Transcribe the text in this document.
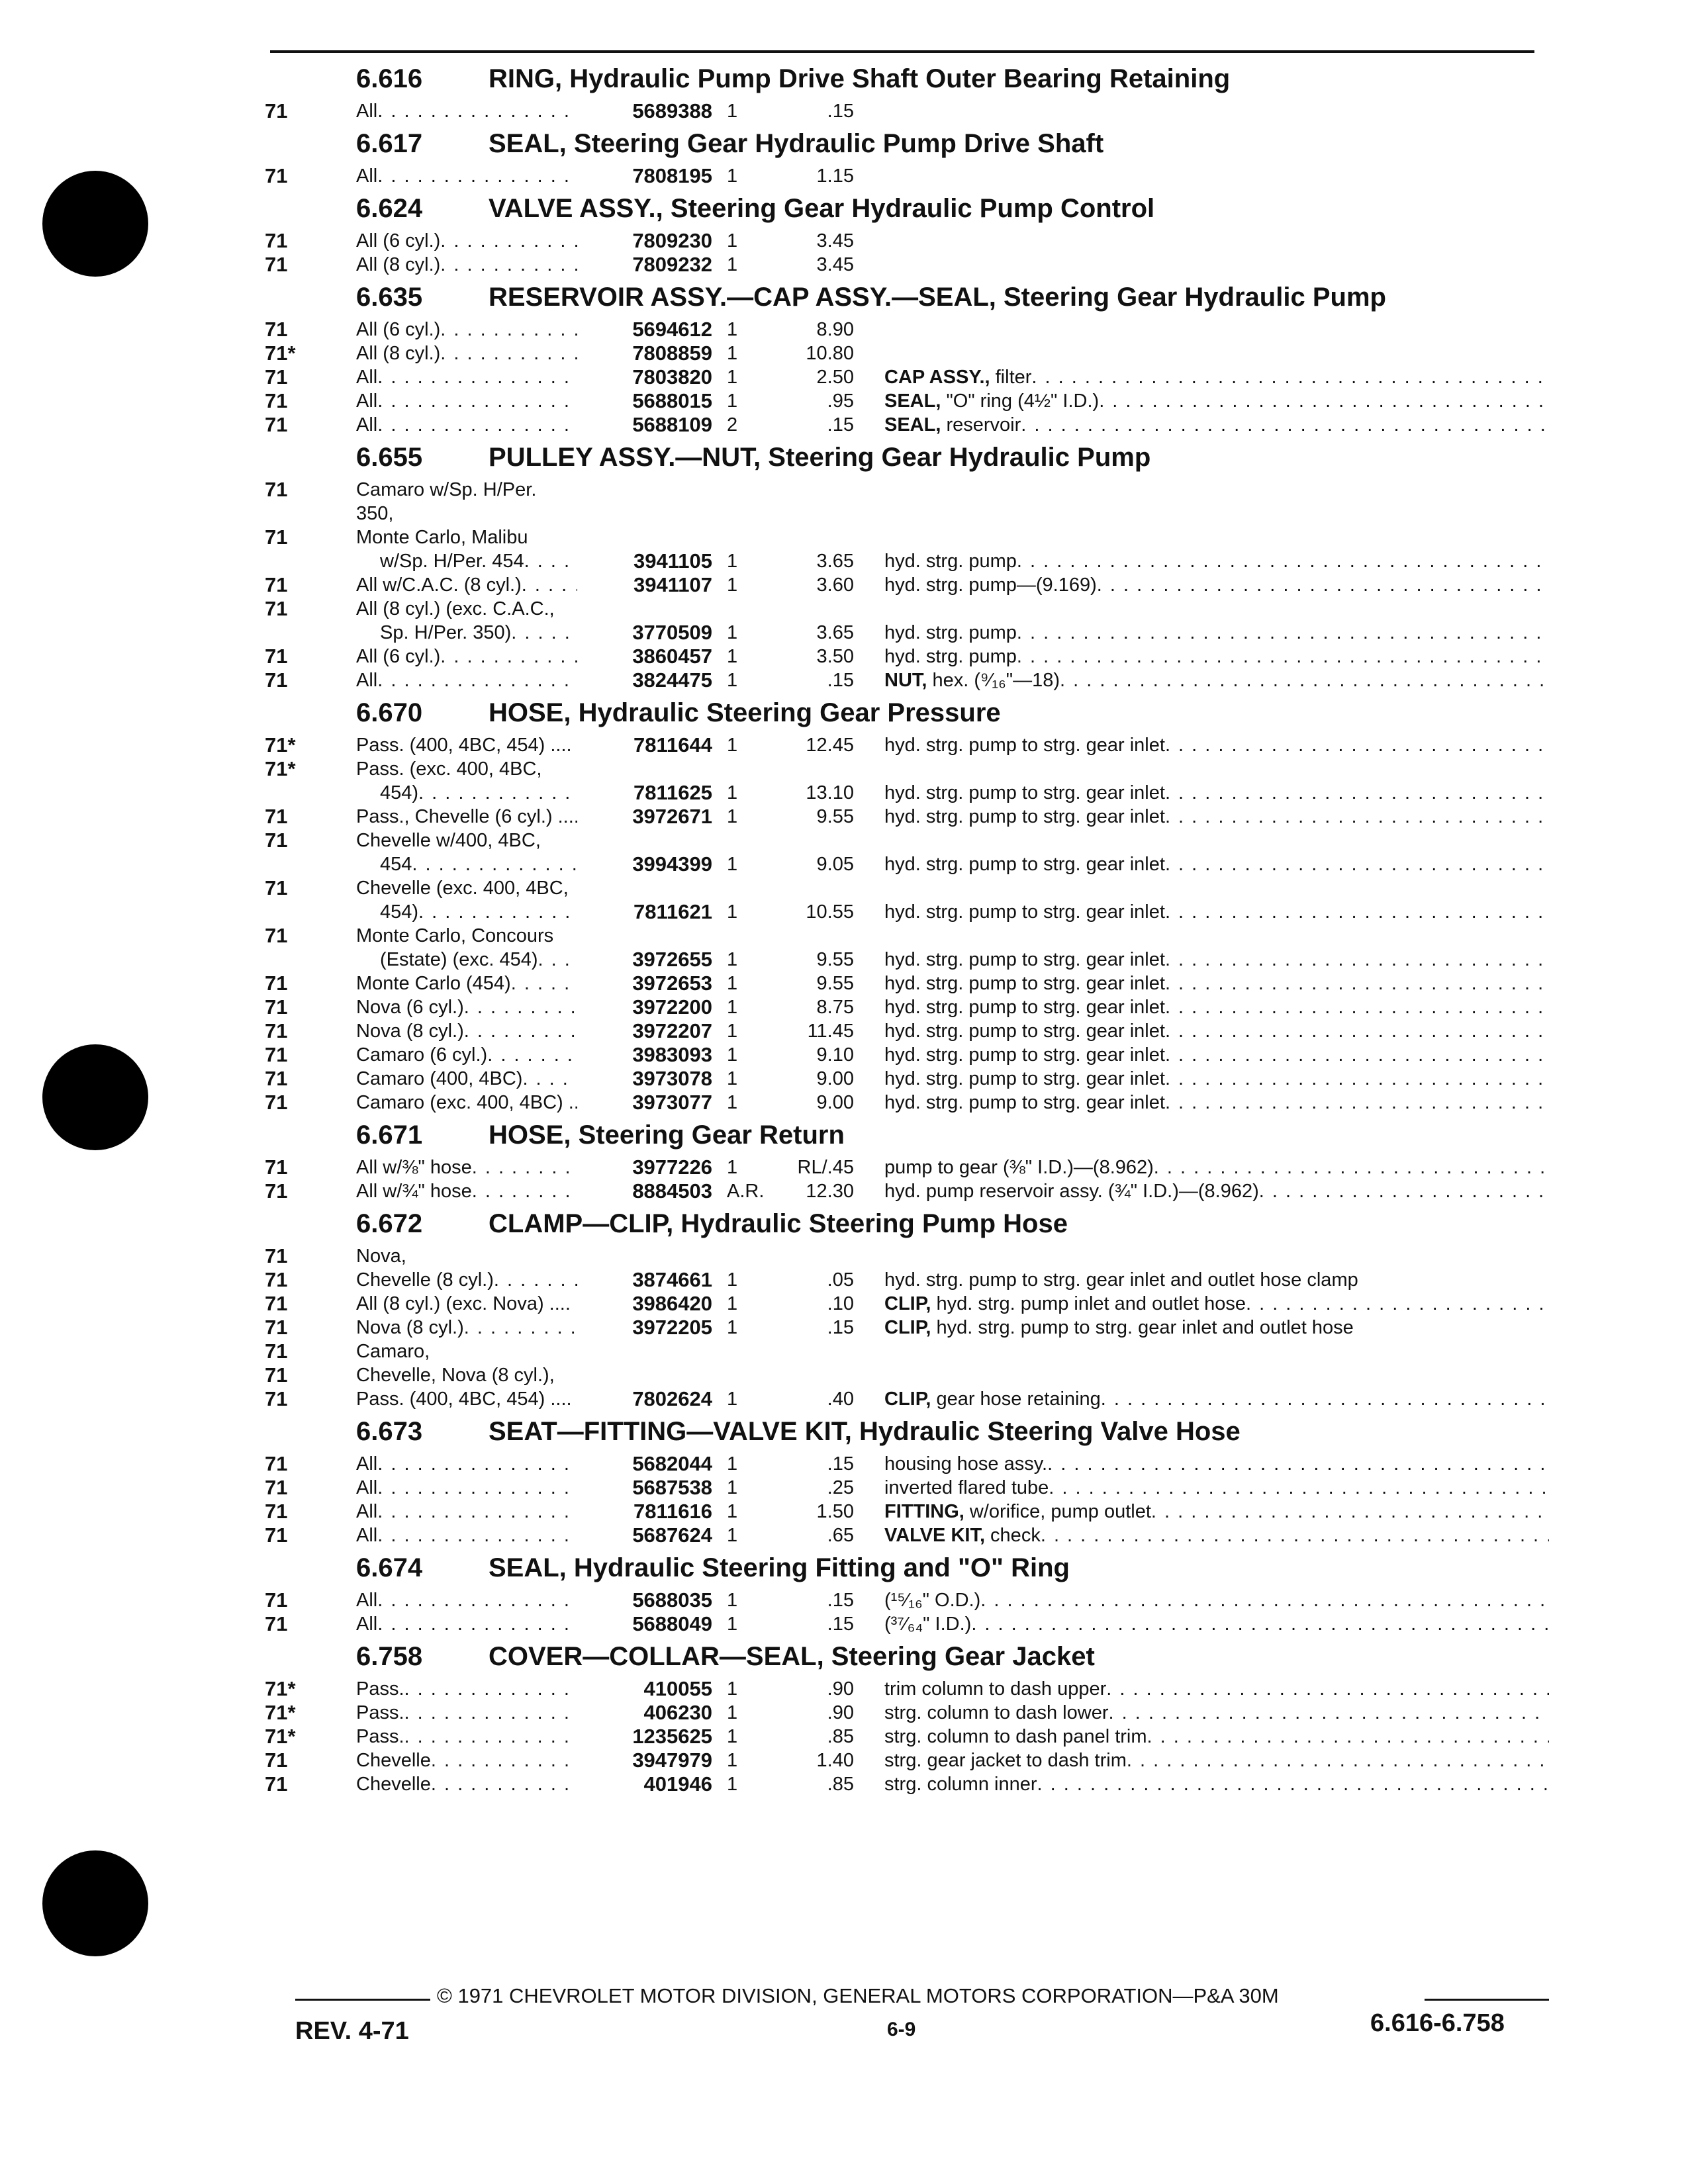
6.616	RING, Hydraulic Pump Drive Shaft Outer Bearing Retaining
71	All . . .	5689388 1	.15
6.617	SEAL, Steering Gear Hydraulic Pump Drive Shaft
71	All . . .	7808195 1	1.15
6.624	VALVE ASSY., Steering Gear Hydraulic Pump Control
71	All (6 cyl.) . . .	7809230 1	3.45
71	All (8 cyl.) . . .	7809232 1	3.45
6.635	RESERVOIR ASSY.—CAP ASSY.—SEAL, Steering Gear Hydraulic Pump
71	All (6 cyl.) . . .	5694612 1	8.90
71*	All (8 cyl.) . . .	7808859 1	10.80
71	All . . .	7803820 1	2.50 CAP ASSY., filter
. . .
71	All . . .	5688015 1	.95 SEAL, "O" ring (4½" I.D.)
. . .
71	All . . .	5688109 2	.15 SEAL, reservoir
. . .
6.655	PULLEY ASSY.—NUT, Steering Gear Hydraulic Pump
71	Camaro w/Sp. H/Per.
350,
71	Monte Carlo, Malibu
w/Sp. H/Per. 454 . . .	3941105 1	3.65 hyd. strg. pump
. . .
71	All w/C.A.C. (8 cyl.) . . .	3941107 1	3.60 hyd. strg. pump—(9.169)
. . .
71	All (8 cyl.) (exc. C.A.C.,
Sp. H/Per. 350) . . .	3770509 1	3.65 hyd. strg. pump
. . .
71	All (6 cyl.) . . .	3860457 1	3.50 hyd. strg. pump
. . .
71	All . . .	3824475 1	.15 NUT, hex. (⁹⁄₁₆"—18)
. . .
6.670	HOSE, Hydraulic Steering Gear Pressure
71*	Pass. (400, 4BC, 454) ... . . .	7811644 1	12.45 hyd. strg. pump to strg. gear inlet
. . .
71*	Pass. (exc. 400, 4BC,
454) . . .	7811625 1	13.10 hyd. strg. pump to strg. gear inlet
. . .
71	Pass., Chevelle (6 cyl.) ... . . .	3972671 1	9.55 hyd. strg. pump to strg. gear inlet
. . .
71	Chevelle w/400, 4BC,
454 . . .	3994399 1	9.05 hyd. strg. pump to strg. gear inlet
. . .
71	Chevelle (exc. 400, 4BC,
454) . . .	7811621 1	10.55 hyd. strg. pump to strg. gear inlet
. . .
71	Monte Carlo, Concours
(Estate) (exc. 454) . . .	3972655 1	9.55 hyd. strg. pump to strg. gear inlet
. . .
71	Monte Carlo (454) . . .	3972653 1	9.55 hyd. strg. pump to strg. gear inlet
. . .
71	Nova (6 cyl.) . . .	3972200 1	8.75 hyd. strg. pump to strg. gear inlet
. . .
71	Nova (8 cyl.) . . .	3972207 1	11.45 hyd. strg. pump to strg. gear inlet
. . .
71	Camaro (6 cyl.) . . .	3983093 1	9.10 hyd. strg. pump to strg. gear inlet
. . .
71	Camaro (400, 4BC) . . .	3973078 1	9.00 hyd. strg. pump to strg. gear inlet
. . .
71	Camaro (exc. 400, 4BC) . . . .	3973077 1	9.00 hyd. strg. pump to strg. gear inlet
. . .
6.671	HOSE, Steering Gear Return
71	All w/⅜" hose . . .	3977226 1	RL/.45 pump to gear (⅜" I.D.)—(8.962)
. . .
71	All w/¾" hose . . .	8884503 A.R.	12.30 hyd. pump reservoir assy. (¾" I.D.)—(8.962)
. . .
6.672	CLAMP—CLIP, Hydraulic Steering Pump Hose
71	Nova,
71	Chevelle (8 cyl.) . . .	3874661 1	.05	hyd. strg. pump to strg. gear inlet and outlet hose clamp
71	All (8 cyl.) (exc. Nova) ... . . .	3986420 1	.10 CLIP, hyd. strg. pump inlet and outlet hose
. . .
71	Nova (8 cyl.) . . .	3972205 1	.15	CLIP, hyd. strg. pump to strg. gear inlet and outlet hose
71	Camaro,
71	Chevelle, Nova (8 cyl.),
71	Pass. (400, 4BC, 454) ... . . .	7802624 1	.40 CLIP, gear hose retaining
. . .
6.673	SEAT—FITTING—VALVE KIT, Hydraulic Steering Valve Hose
71	All . . .	5682044 1	.15 housing hose assy.
. . .
71	All . . .	5687538 1	.25 inverted flared tube
. . .
71	All . . .	7811616 1	1.50 FITTING, w/orifice, pump outlet
. . .
71	All . . .	5687624 1	.65 VALVE KIT, check
. . .
6.674	SEAL, Hydraulic Steering Fitting and "O" Ring
71	All . . .	5688035 1	.15 (¹⁵⁄₁₆" O.D.)
. . .
71	All . . .	5688049 1	.15 (³⁷⁄₆₄" I.D.)
. . .
6.758	COVER—COLLAR—SEAL, Steering Gear Jacket
71*	Pass. . . .	410055 1	.90 trim column to dash upper
. . .
71*	Pass. . . .	406230 1	.90 strg. column to dash lower
. . .
71*	Pass. . . .	1235625 1	.85 strg. column to dash panel trim
. . .
71	Chevelle . . .	3947979 1	1.40 strg. gear jacket to dash trim
. . .
71	Chevelle . . .	401946 1	.85 strg. column inner
. . .
© 1971 CHEVROLET MOTOR DIVISION, GENERAL MOTORS CORPORATION—P&A 30M
REV. 4-71	6-9	6.616-6.758
